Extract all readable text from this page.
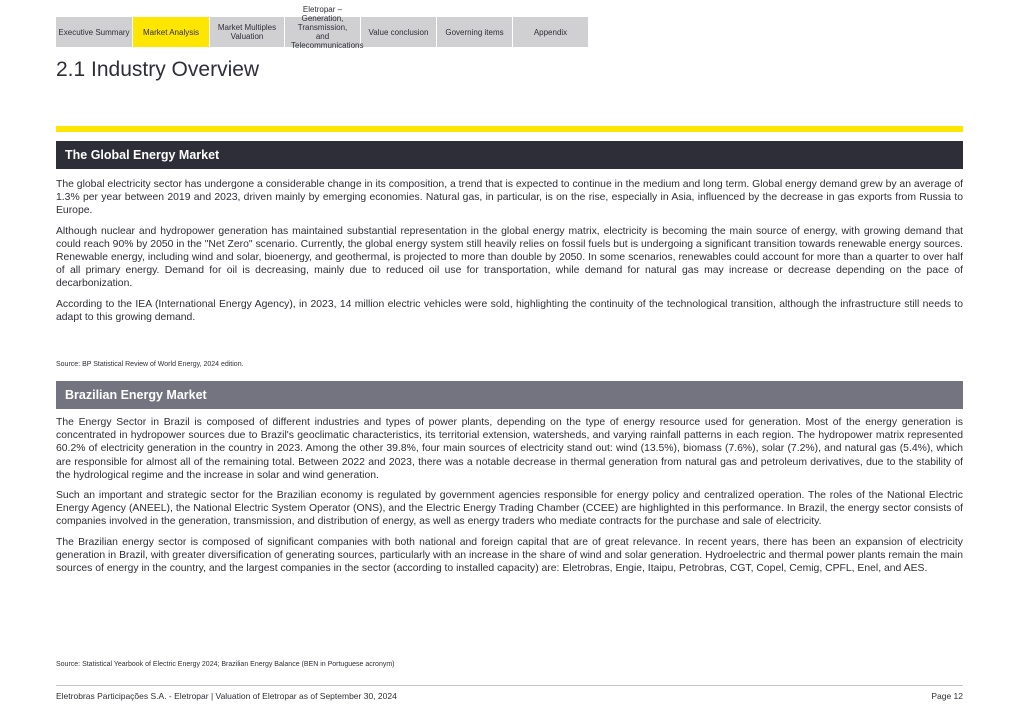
Executive Summary	Market Analysis	Market Multiples Valuation
Eletropar – Generation, Transmission, and Telecommunications
Value conclusion	Governing items	Appendix
2.1 Industry Overview
The Global Energy Market

The global electricity sector has undergone a considerable change in its composition, a trend that is expected to continue in the medium and long term. Global energy demand grew by an average of 1.3% per year between 2019 and 2023, driven mainly by emerging economies. Natural gas, in particular, is on the rise, especially in Asia, influenced by the decrease in gas exports from Russia to Europe.

Although nuclear and hydropower generation has maintained substantial representation in the global energy matrix, electricity is becoming the main source of energy, with growing demand that could reach 90% by 2050 in the "Net Zero" scenario. Currently, the global energy system still heavily relies on fossil fuels but is undergoing a significant transition towards renewable energy sources. Renewable energy, including wind and solar, bioenergy, and geothermal, is projected to more than double by 2050. In some scenarios, renewables could account for more than a quarter to over half of all primary energy. Demand for oil is decreasing, mainly due to reduced oil use for transportation, while demand for natural gas may increase or decrease depending on the pace of decarbonization.

According to the IEA (International Energy Agency), in 2023, 14 million electric vehicles were sold, highlighting the continuity of the technological transition, although the infrastructure still needs to adapt to this growing demand.

Source: BP Statistical Review of World Energy, 2024 edition.
Brazilian Energy Market

The Energy Sector in Brazil is composed of different industries and types of power plants, depending on the type of energy resource used for generation. Most of the energy generation is concentrated in hydropower sources due to Brazil's geoclimatic characteristics, its territorial extension, watersheds, and varying rainfall patterns in each region. The hydropower matrix represented 60.2% of electricity generation in the country in 2023. Among the other 39.8%, four main sources of electricity stand out: wind (13.5%), biomass (7.6%), solar (7.2%), and natural gas (5.4%), which are responsible for almost all of the remaining total. Between 2022 and 2023, there was a notable decrease in thermal generation from natural gas and petroleum derivatives, due to the stability of the hydrological regime and the increase in solar and wind generation.

Such an important and strategic sector for the Brazilian economy is regulated by government agencies responsible for energy policy and centralized operation. The roles of the National Electric Energy Agency (ANEEL), the National Electric System Operator (ONS), and the Electric Energy Trading Chamber (CCEE) are highlighted in this performance. In Brazil, the energy sector consists of companies involved in the generation, transmission, and distribution of energy, as well as energy traders who mediate contracts for the purchase and sale of electricity.

The Brazilian energy sector is composed of significant companies with both national and foreign capital that are of great relevance. In recent years, there has been an expansion of electricity generation in Brazil, with greater diversification of generating sources, particularly with an increase in the share of wind and solar generation. Hydroelectric and thermal power plants remain the main sources of energy in the country, and the largest companies in the sector (according to installed capacity) are: Eletrobras, Engie, Itaipu, Petrobras, CGT, Copel, Cemig, CPFL, Enel, and AES.

Source: Statistical Yearbook of Electric Energy 2024; Brazilian Energy Balance (BEN in Portuguese acronym)
Eletrobras Participações S.A. - Eletropar | Valuation of Eletropar as of September 30, 2024	Page 12
